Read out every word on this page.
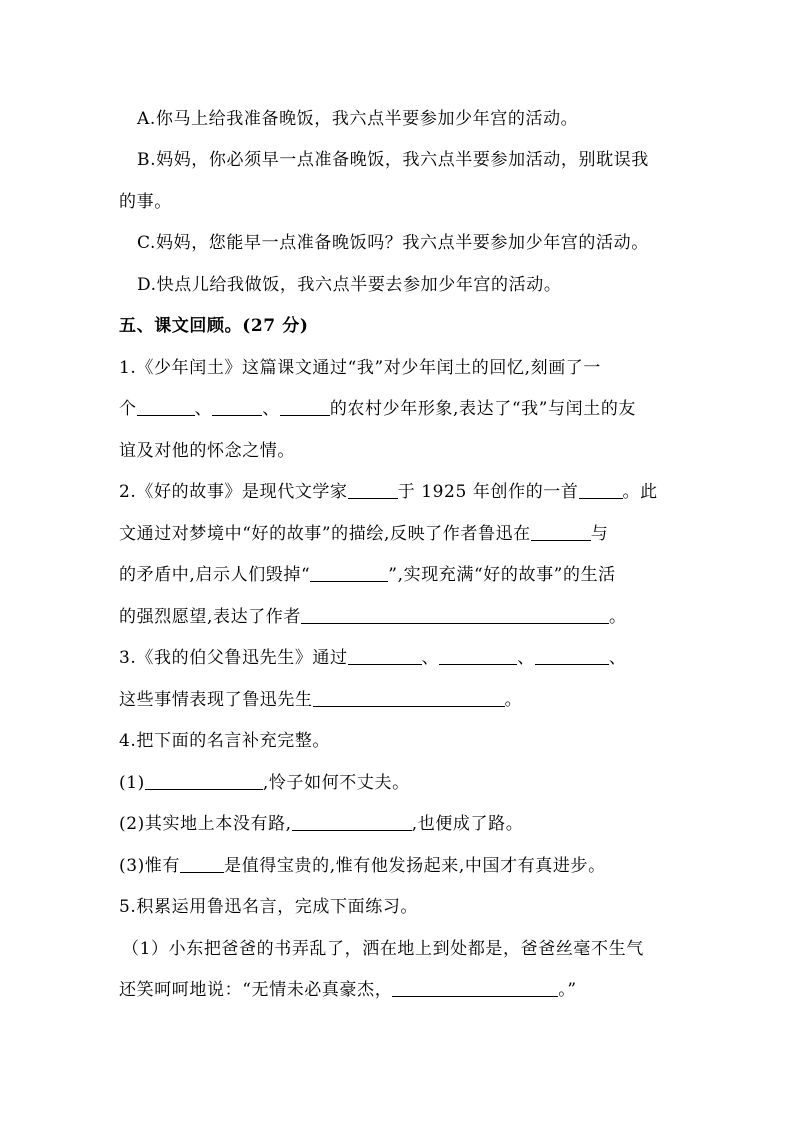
A.你马上给我准备晚饭，我六点半要参加少年宫的活动。
B.妈妈，你必须早一点准备晚饭，我六点半要参加活动，别耽误我
的事。
C.妈妈，您能早一点准备晚饭吗？我六点半要参加少年宫的活动。
D.快点儿给我做饭，我六点半要去参加少年宫的活动。
五、课文回顾。(27 分)
1.《少年闰土》这篇课文通过“我”对少年闰土的回忆,刻画了一
个	、	、	的农村少年形象,表达了“我”与闰土的友
谊及对他的怀念之情。
2.《好的故事》是现代文学家	于 1925 年创作的一首	。此
文通过对梦境中“好的故事”的描绘,反映了作者鲁迅在	与
的矛盾中,启示人们毁掉“	”,实现充满“好的故事”的生活
的强烈愿望,表达了作者	。
3.《我的伯父鲁迅先生》通过	、	、	、
这些事情表现了鲁迅先生	。
4.把下面的名言补充完整。
(1)	,怜子如何不丈夫。
(2)其实地上本没有路,	,也便成了路。
(3)惟有	是值得宝贵的,惟有他发扬起来,中国才有真进步。
5.积累运用鲁迅名言，完成下面练习。
（1）小东把爸爸的书弄乱了，洒在地上到处都是，爸爸丝毫不生气
还笑呵呵地说：“无情未必真豪杰，	。”
